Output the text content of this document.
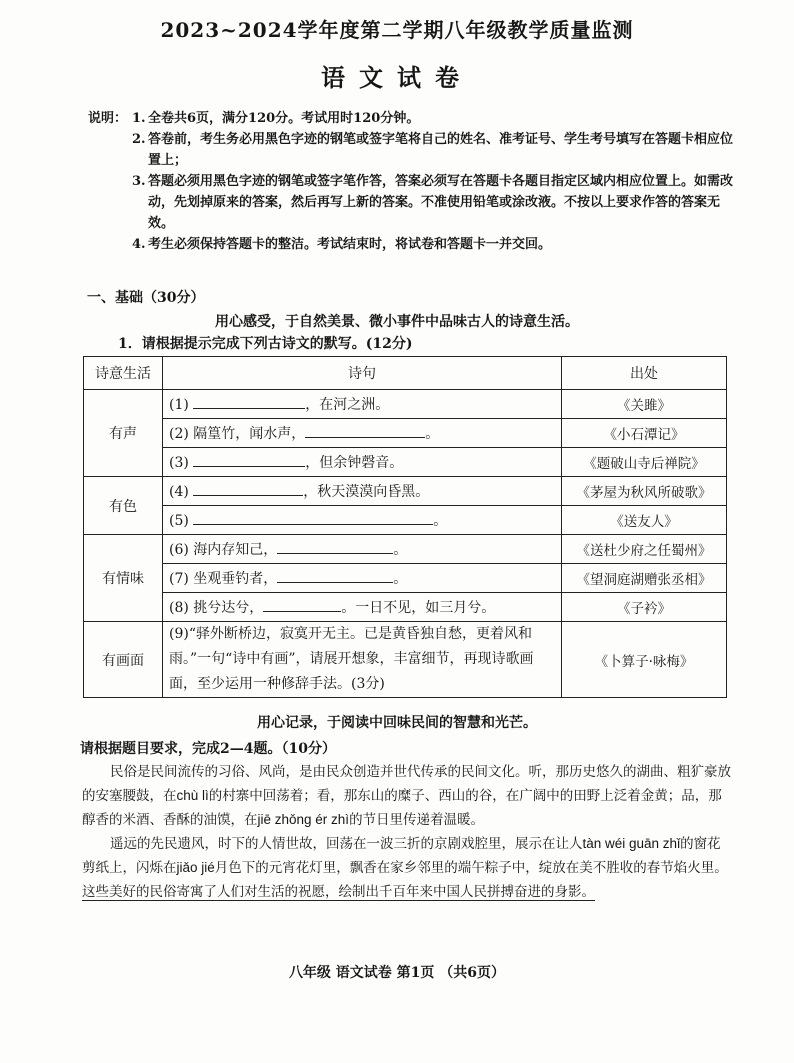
2023~2024学年度第二学期八年级教学质量监测
语文试卷
说明： 1. 全卷共6页，满分120分。考试用时120分钟。
2. 答卷前，考生务必用黑色字迹的钢笔或签字笔将自己的姓名、准考证号、学生考号填写在答题卡相应位置上；
3. 答题必须用黑色字迹的钢笔或签字笔作答，答案必须写在答题卡各题目指定区域内相应位置上。如需改动，先划掉原来的答案，然后再写上新的答案。不准使用铅笔或涂改液。不按以上要求作答的答案无效。
4. 考生必须保持答题卡的整洁。考试结束时，将试卷和答题卡一并交回。
一、基础（30分）
用心感受，于自然美景、微小事件中品味古人的诗意生活。
1．请根据提示完成下列古诗文的默写。(12分)
诗意生活	诗句	出处
有声	(1) ，在河之洲。	《关雎》
	(2) 隔篁竹，闻水声， 。	《小石潭记》
	(3) ，但余钟磬音。	《题破山寺后禅院》
有色	(4) ，秋天漠漠向昏黑。	《茅屋为秋风所破歌》
	(5) 。	《送友人》
有情味	(6) 海内存知己， 。	《送杜少府之任蜀州》
	(7) 坐观垂钓者， 。	《望洞庭湖赠张丞相》
	(8) 挑兮达兮， 。一日不见，如三月兮。	《子衿》
有画面	(9)“驿外断桥边，寂寞开无主。已是黄昏独自愁，更着风和雨。”一句“诗中有画”，请展开想象，丰富细节，再现诗歌画面，至少运用一种修辞手法。(3分)	《卜算子·咏梅》
用心记录，于阅读中回味民间的智慧和光芒。
请根据题目要求，完成2—4题。（10分）

民俗是民间流传的习俗、风尚，是由民众创造并世代传承的民间文化。听，那历史悠久的湖曲、粗犷豪放的安塞腰鼓，在chù lì的村寨中回荡着；看，那东山的糜子、西山的谷，在广阔中的田野上泛着金黄；品，那醇香的米酒、香酥的油馍，在jiē zhǒng ér zhì的节日里传递着温暖。

遥远的先民遗风，时下的人情世故，回荡在一波三折的京剧戏腔里，展示在让人tàn wéi guān zhǐ的窗花剪纸上，闪烁在jiǎo jié月色下的元宵花灯里，飘香在家乡邻里的端午粽子中，绽放在美不胜收的春节焰火里。这些美好的民俗寄寓了人们对生活的祝愿，绘制出千百年来中国人民拼搏奋进的身影。

八年级 语文试卷 第1页 （共6页）
